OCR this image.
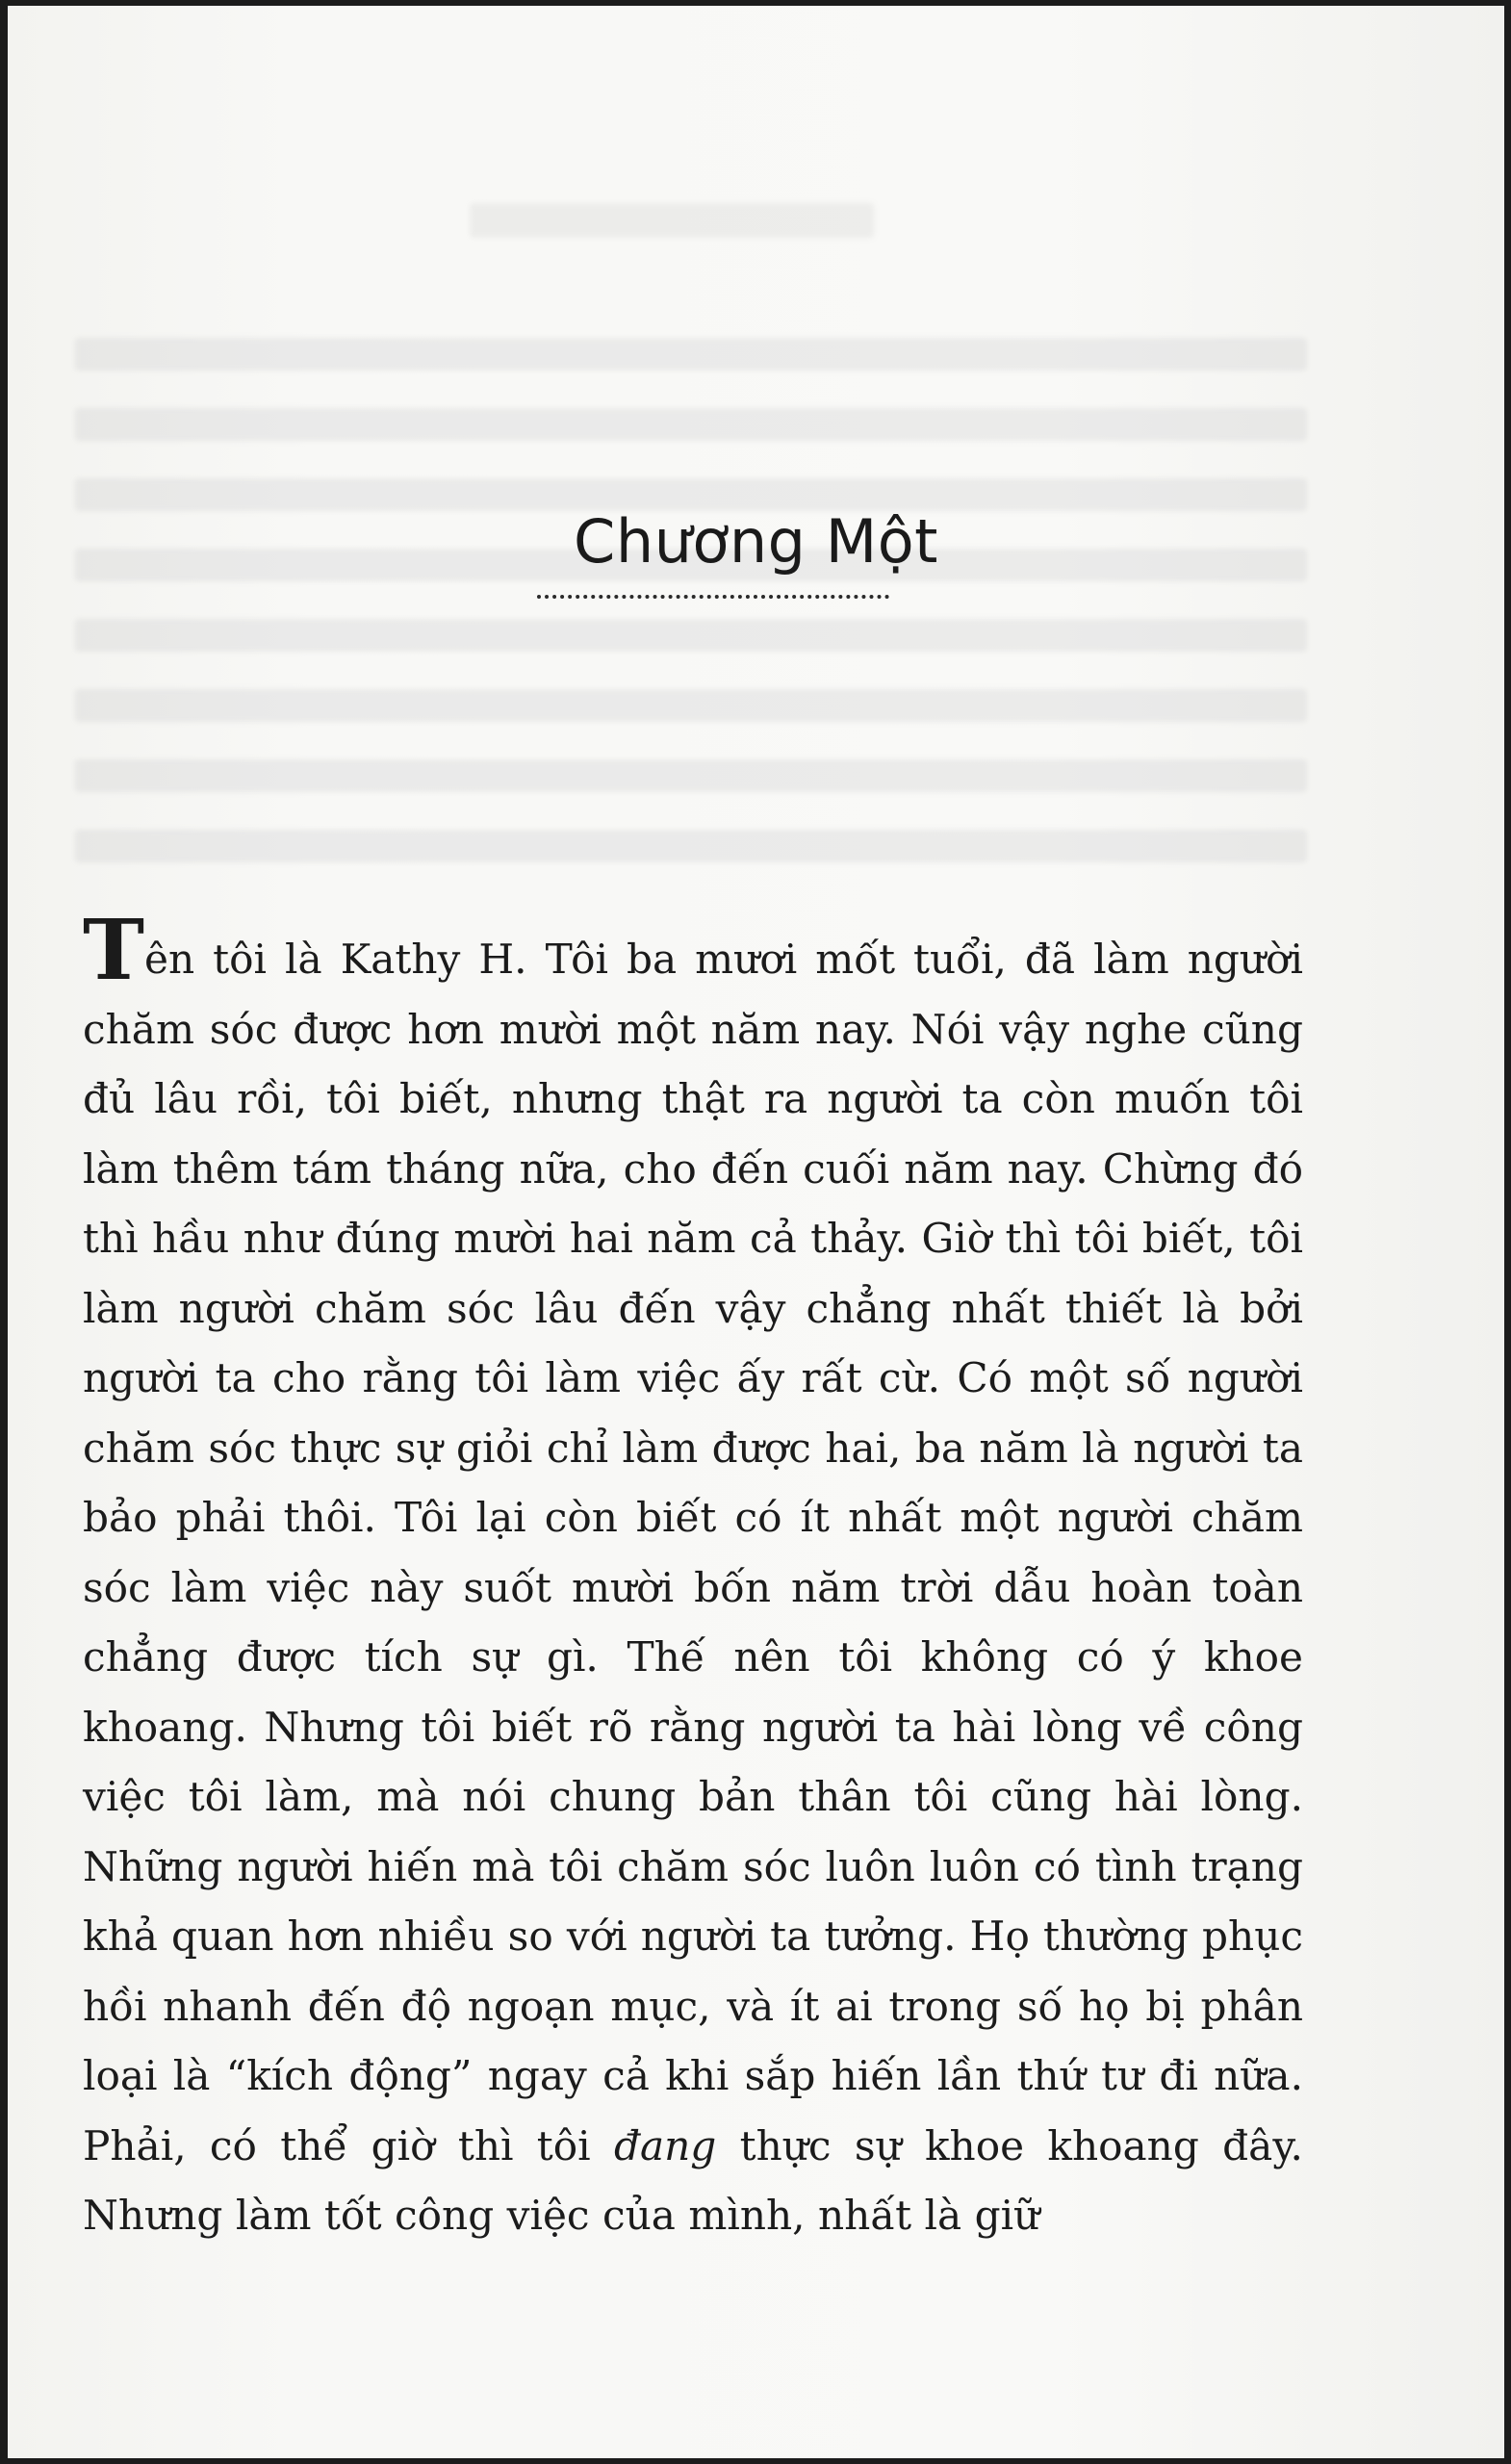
Chương Một

Tên tôi là Kathy H. Tôi ba mươi mốt tuổi, đã làm người chăm sóc được hơn mười một năm nay. Nói vậy nghe cũng đủ lâu rồi, tôi biết, nhưng thật ra người ta còn muốn tôi làm thêm tám tháng nữa, cho đến cuối năm nay. Chừng đó thì hầu như đúng mười hai năm cả thảy. Giờ thì tôi biết, tôi làm người chăm sóc lâu đến vậy chẳng nhất thiết là bởi người ta cho rằng tôi làm việc ấy rất cừ. Có một số người chăm sóc thực sự giỏi chỉ làm được hai, ba năm là người ta bảo phải thôi. Tôi lại còn biết có ít nhất một người chăm sóc làm việc này suốt mười bốn năm trời dẫu hoàn toàn chẳng được tích sự gì. Thế nên tôi không có ý khoe khoang. Nhưng tôi biết rõ rằng người ta hài lòng về công việc tôi làm, mà nói chung bản thân tôi cũng hài lòng. Những người hiến mà tôi chăm sóc luôn luôn có tình trạng khả quan hơn nhiều so với người ta tưởng. Họ thường phục hồi nhanh đến độ ngoạn mục, và ít ai trong số họ bị phân loại là “kích động” ngay cả khi sắp hiến lần thứ tư đi nữa. Phải, có thể giờ thì tôi đang thực sự khoe khoang đây. Nhưng làm tốt công việc của mình, nhất là giữ
